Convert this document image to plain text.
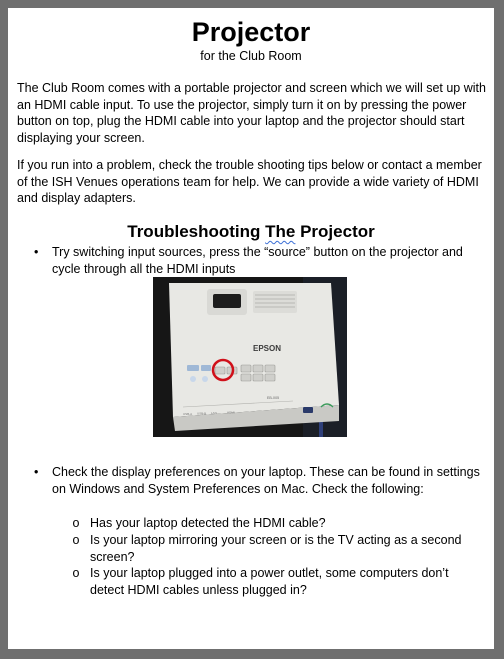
Projector
for the Club Room

The Club Room comes with a portable projector and screen which we will set up with an HDMI cable input. To use the projector, simply turn it on by pressing the power button on top, plug the HDMI cable into your laptop and the projector should start displaying your screen.

If you run into a problem, check the trouble shooting tips below or contact a member of the ISH Venues operations team for help. We can provide a wide variety of HDMI and display adapters.

Troubleshooting The Projector
•	Try switching input sources, press the “source” button on the projector and cycle through all the HDMI inputs
EPSON
EB-X05
USB-A USB-B LAN	HDMI
•	Check the display preferences on your laptop. These can be found in settings on Windows and System Preferences on Mac. Check the following:
o Has your laptop detected the HDMI cable?
o Is your laptop mirroring your screen or is the TV acting as a second screen?
o Is your laptop plugged into a power outlet, some computers don’t detect HDMI cables unless plugged in?
